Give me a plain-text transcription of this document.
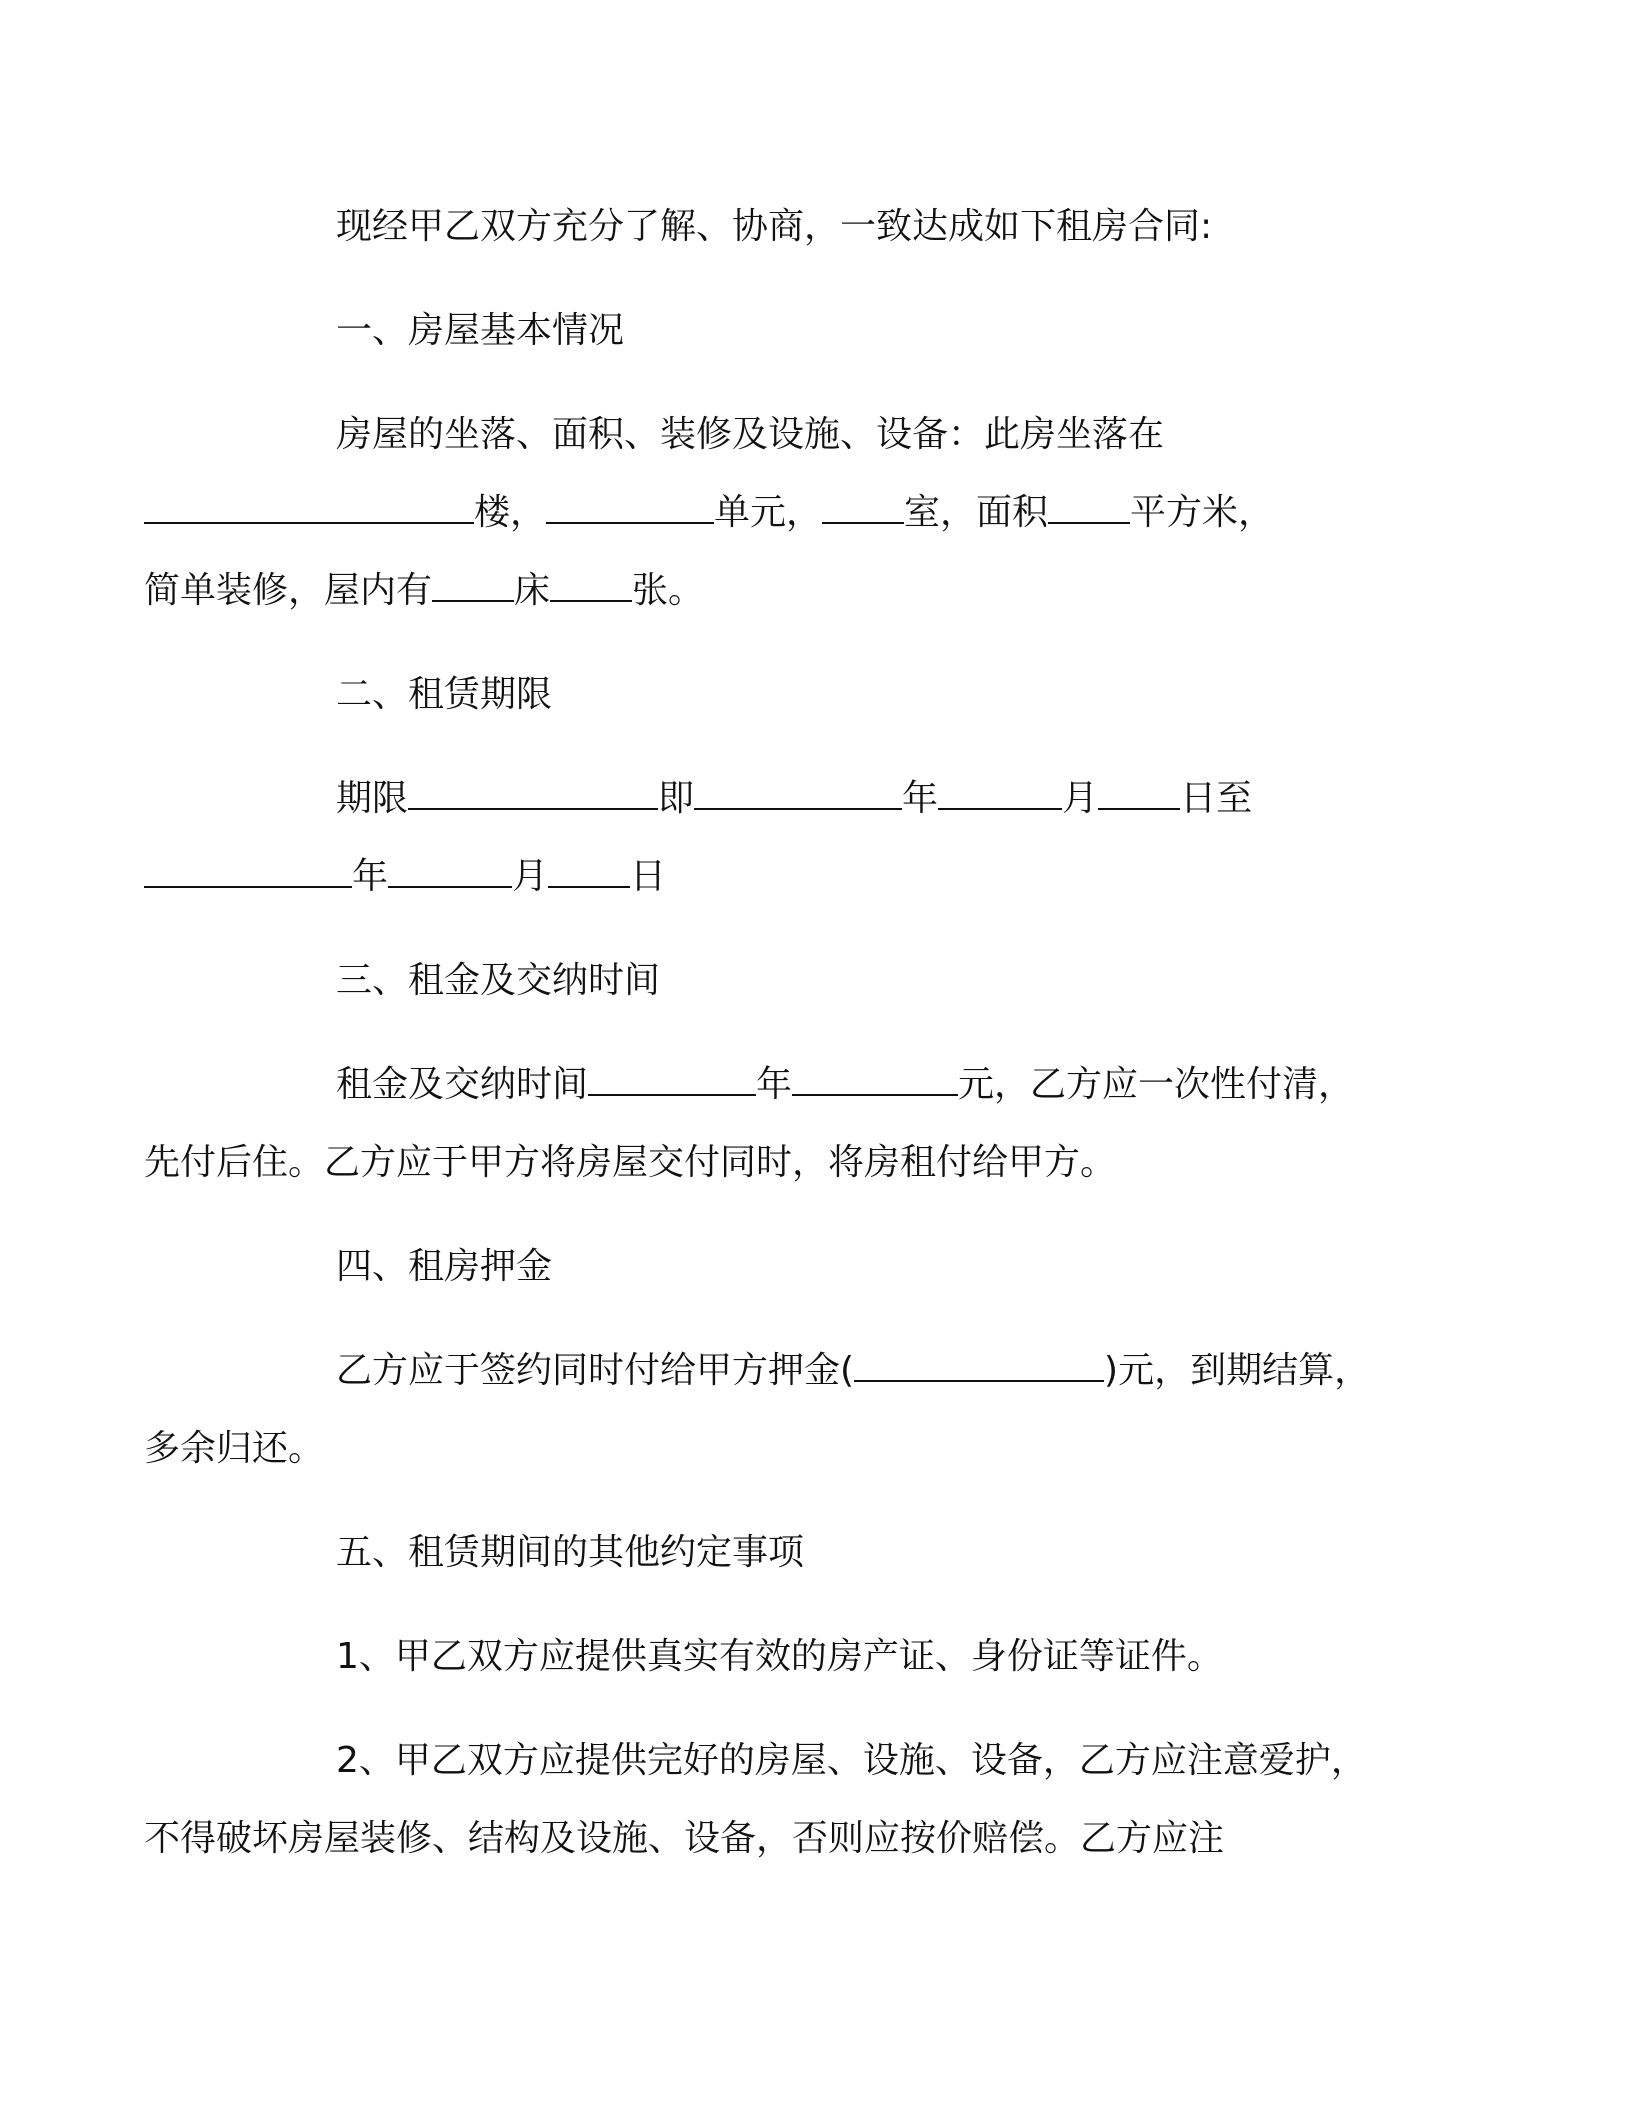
现经甲乙双方充分了解、协商，一致达成如下租房合同:

一、房屋基本情况

房屋的坐落、面积、装修及设施、设备：此房坐落在
楼，	单元， 室，面积 平方米，
简单装修，屋内有 床 张。

二、租赁期限

期限	即	年	月 日至
年	月 日

三、租金及交纳时间

租金及交纳时间	年	元，乙方应一次性付清，
先付后住。乙方应于甲方将房屋交付同时，将房租付给甲方。

四、租房押金

乙方应于签约同时付给甲方押金(	)元，到期结算，
多余归还。

五、租赁期间的其他约定事项

1、甲乙双方应提供真实有效的房产证、身份证等证件。

2、甲乙双方应提供完好的房屋、设施、设备，乙方应注意爱护，
不得破坏房屋装修、结构及设施、设备，否则应按价赔偿。乙方应注
